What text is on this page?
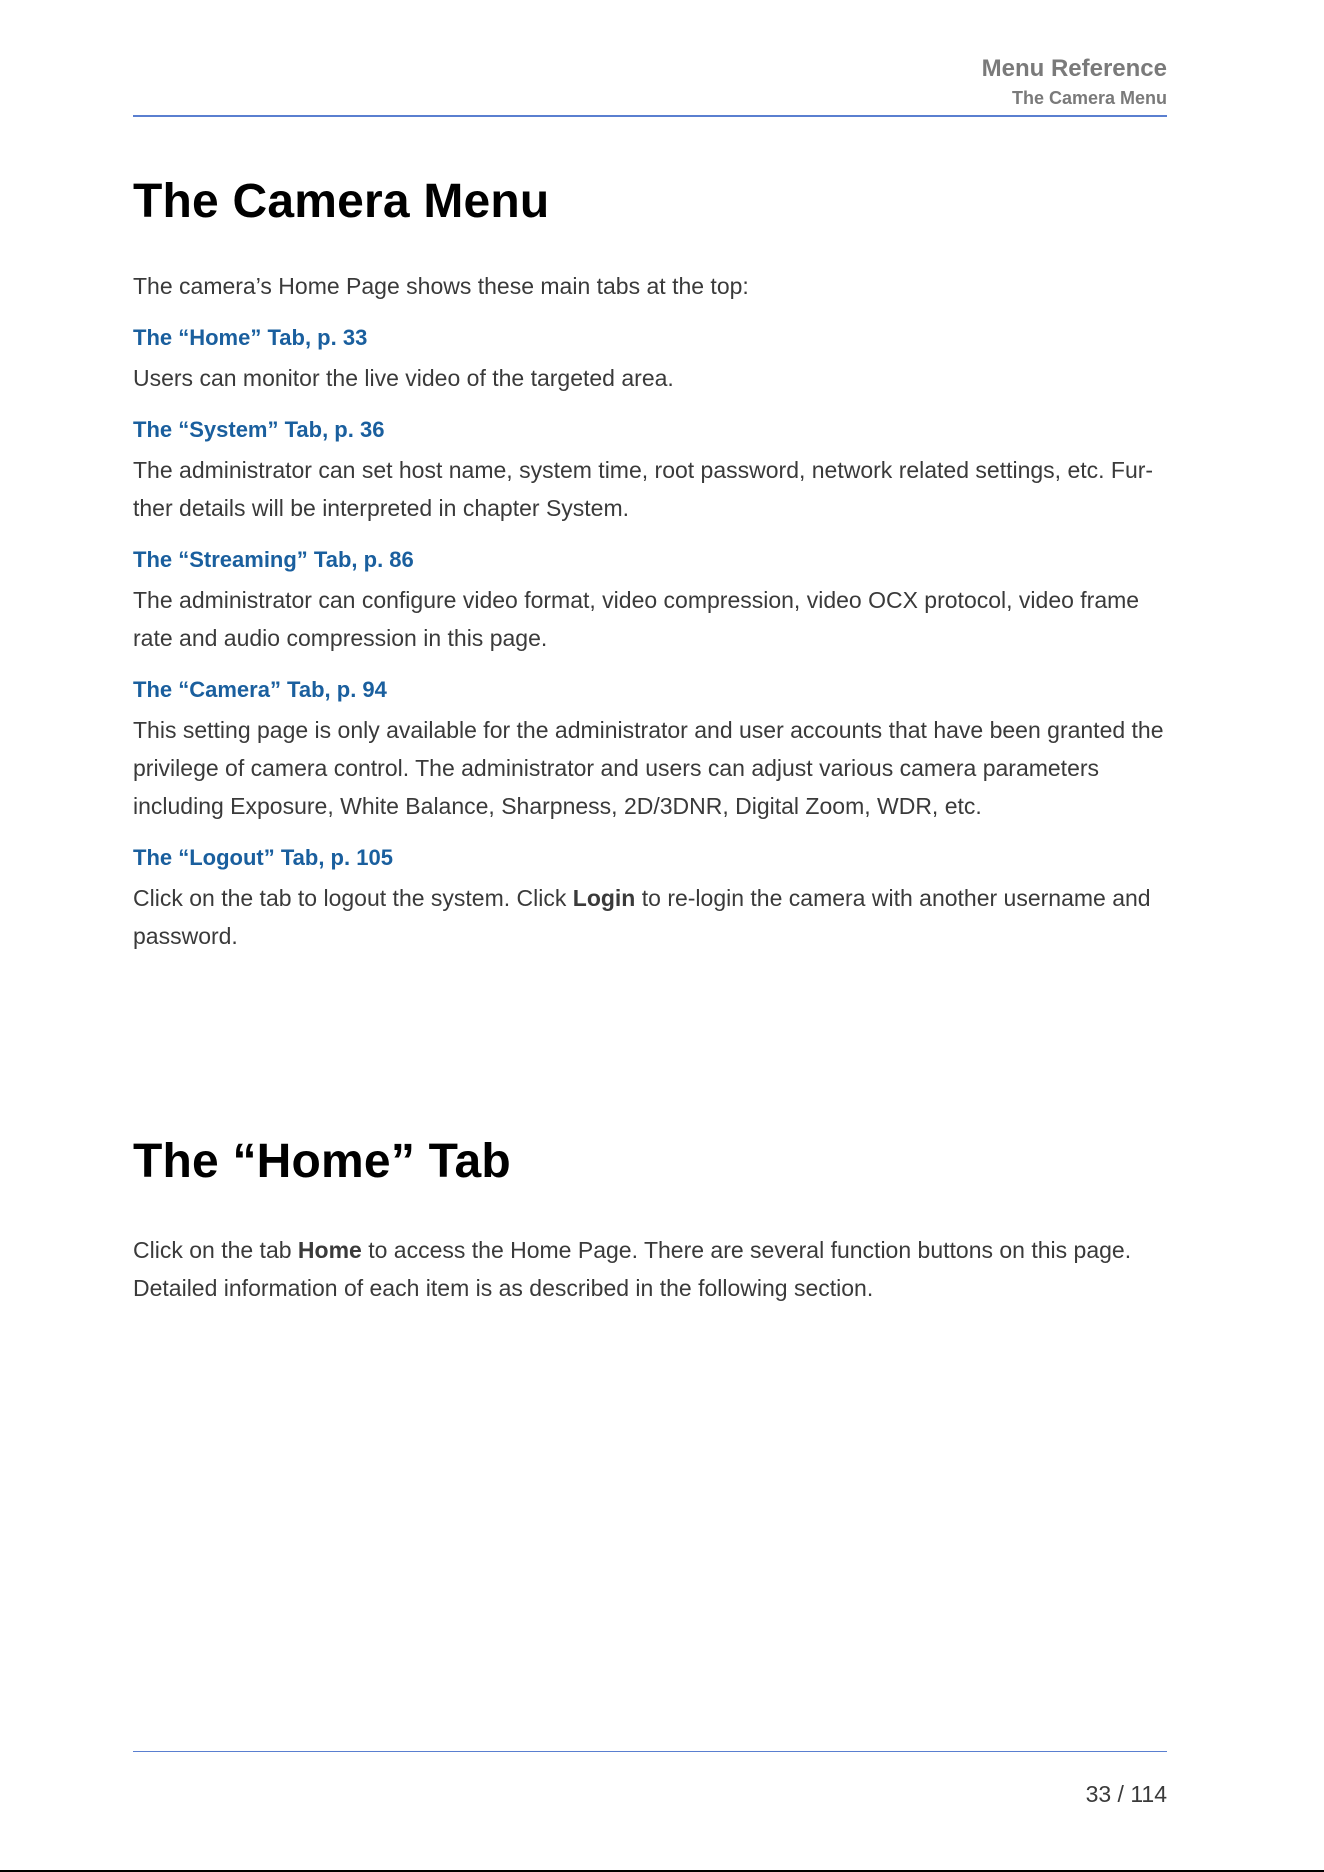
Menu Reference
The Camera Menu
The Camera Menu

The camera’s Home Page shows these main tabs at the top:

The “Home” Tab, p. 33

Users can monitor the live video of the targeted area.

The “System” Tab, p. 36

The administrator can set host name, system time, root password, network related settings, etc. Fur-
ther details will be interpreted in chapter System.

The “Streaming” Tab, p. 86

The administrator can configure video format, video compression, video OCX protocol, video frame rate and audio compression in this page.

The “Camera” Tab, p. 94

This setting page is only available for the administrator and user accounts that have been granted the privilege of camera control. The administrator and users can adjust various camera parameters including Exposure, White Balance, Sharpness, 2D/3DNR, Digital Zoom, WDR, etc.

The “Logout” Tab, p. 105

Click on the tab to logout the system. Click Login to re-login the camera with another username and password.

The “Home” Tab

Click on the tab Home to access the Home Page. There are several function buttons on this page. Detailed information of each item is as described in the following section.

33 / 114
